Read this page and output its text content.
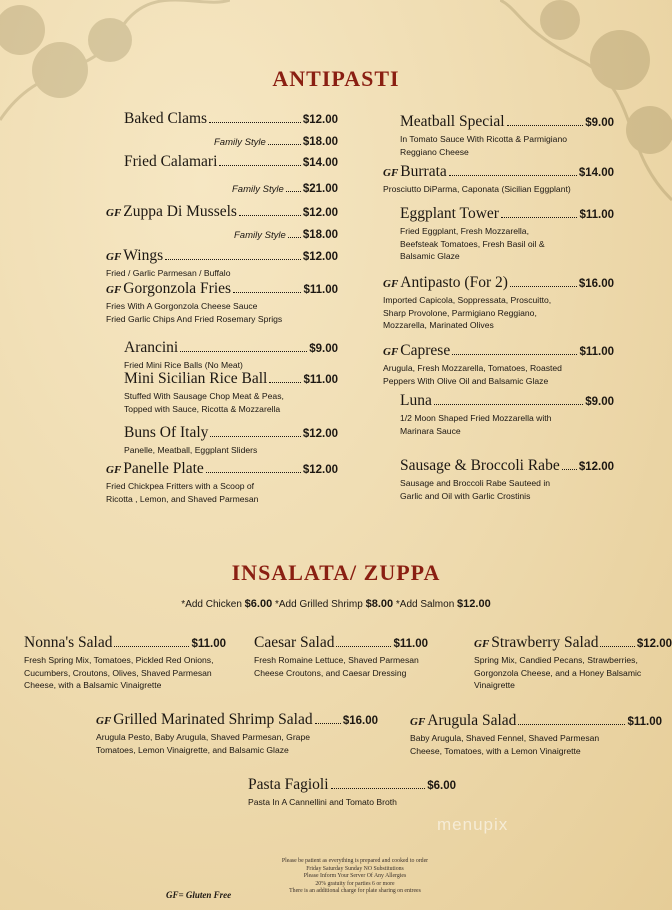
ANTIPASTI
Baked Clams	$12.00
Family Style	$18.00
Fried Calamari	$14.00
Family Style $21.00
GF Zuppa Di Mussels	$12.00
Family Style $18.00
GF Wings	$12.00
Fried / Garlic Parmesan / Buffalo
GF Gorgonzola Fries	$11.00
Fries With A Gorgonzola Cheese Sauce
Fried Garlic Chips And Fried Rosemary Sprigs
Arancini	$9.00
Fried Mini Rice Balls (No Meat)
Mini Sicilian Rice Ball	$11.00
Stuffed With Sausage Chop Meat & Peas,
Topped with Sauce, Ricotta & Mozzarella
Buns Of Italy	$12.00
Panelle, Meatball, Eggplant Sliders
GF Panelle Plate	$12.00
Fried Chickpea Fritters with a Scoop of
Ricotta , Lemon, and Shaved Parmesan
Meatball Special	$9.00
In Tomato Sauce With Ricotta & Parmigiano
Reggiano Cheese
GF Burrata	$14.00
Prosciutto DiParma, Caponata (Sicilian Eggplant)
Eggplant Tower	$11.00
Fried Eggplant, Fresh Mozzarella,
Beefsteak Tomatoes, Fresh Basil oil &
Balsamic Glaze
GF Antipasto (For 2)	$16.00
Imported Capicola, Soppressata, Proscuitto,
Sharp Provolone, Parmigiano Reggiano,
Mozzarella, Marinated Olives
GF Caprese	$11.00
Arugula, Fresh Mozzarella, Tomatoes, Roasted
Peppers With Olive Oil and Balsamic Glaze
Luna	$9.00
1/2 Moon Shaped Fried Mozzarella with
Marinara Sauce
Sausage & Broccoli Rabe $12.00
Sausage and Broccoli Rabe Sauteed in
Garlic and Oil with Garlic Crostinis
INSALATA/ ZUPPA
*Add Chicken $6.00 *Add Grilled Shrimp $8.00 *Add Salmon $12.00
Nonna's Salad	$11.00
Fresh Spring Mix, Tomatoes, Pickled Red Onions,
Cucumbers, Croutons, Olives, Shaved Parmesan
Cheese, with a Balsamic Vinaigrette
Caesar Salad	$11.00
Fresh Romaine Lettuce, Shaved Parmesan
Cheese Croutons, and Caesar Dressing
GF Strawberry Salad	$12.00
Spring Mix, Candied Pecans, Strawberries,
Gorgonzola Cheese, and a Honey Balsamic
Vinaigrette
GF Grilled Marinated Shrimp Salad	$16.00
Arugula Pesto, Baby Arugula, Shaved Parmesan, Grape
Tomatoes, Lemon Vinaigrette, and Balsamic Glaze
GF Arugula Salad	$11.00
Baby Arugula, Shaved Fennel, Shaved Parmesan
Cheese, Tomatoes, with a Lemon Vinaigrette
Pasta Fagioli	$6.00
Pasta In A Cannellini and Tomato Broth
Please be patient as everything is prepared and cooked to order
Friday Saturday Sunday NO Substitutions
Please Inform Your Server Of Any Allergies
20% gratuity for parties 6 or more
There is an additional charge for plate sharing on entrees
GF= Gluten Free
menupix
